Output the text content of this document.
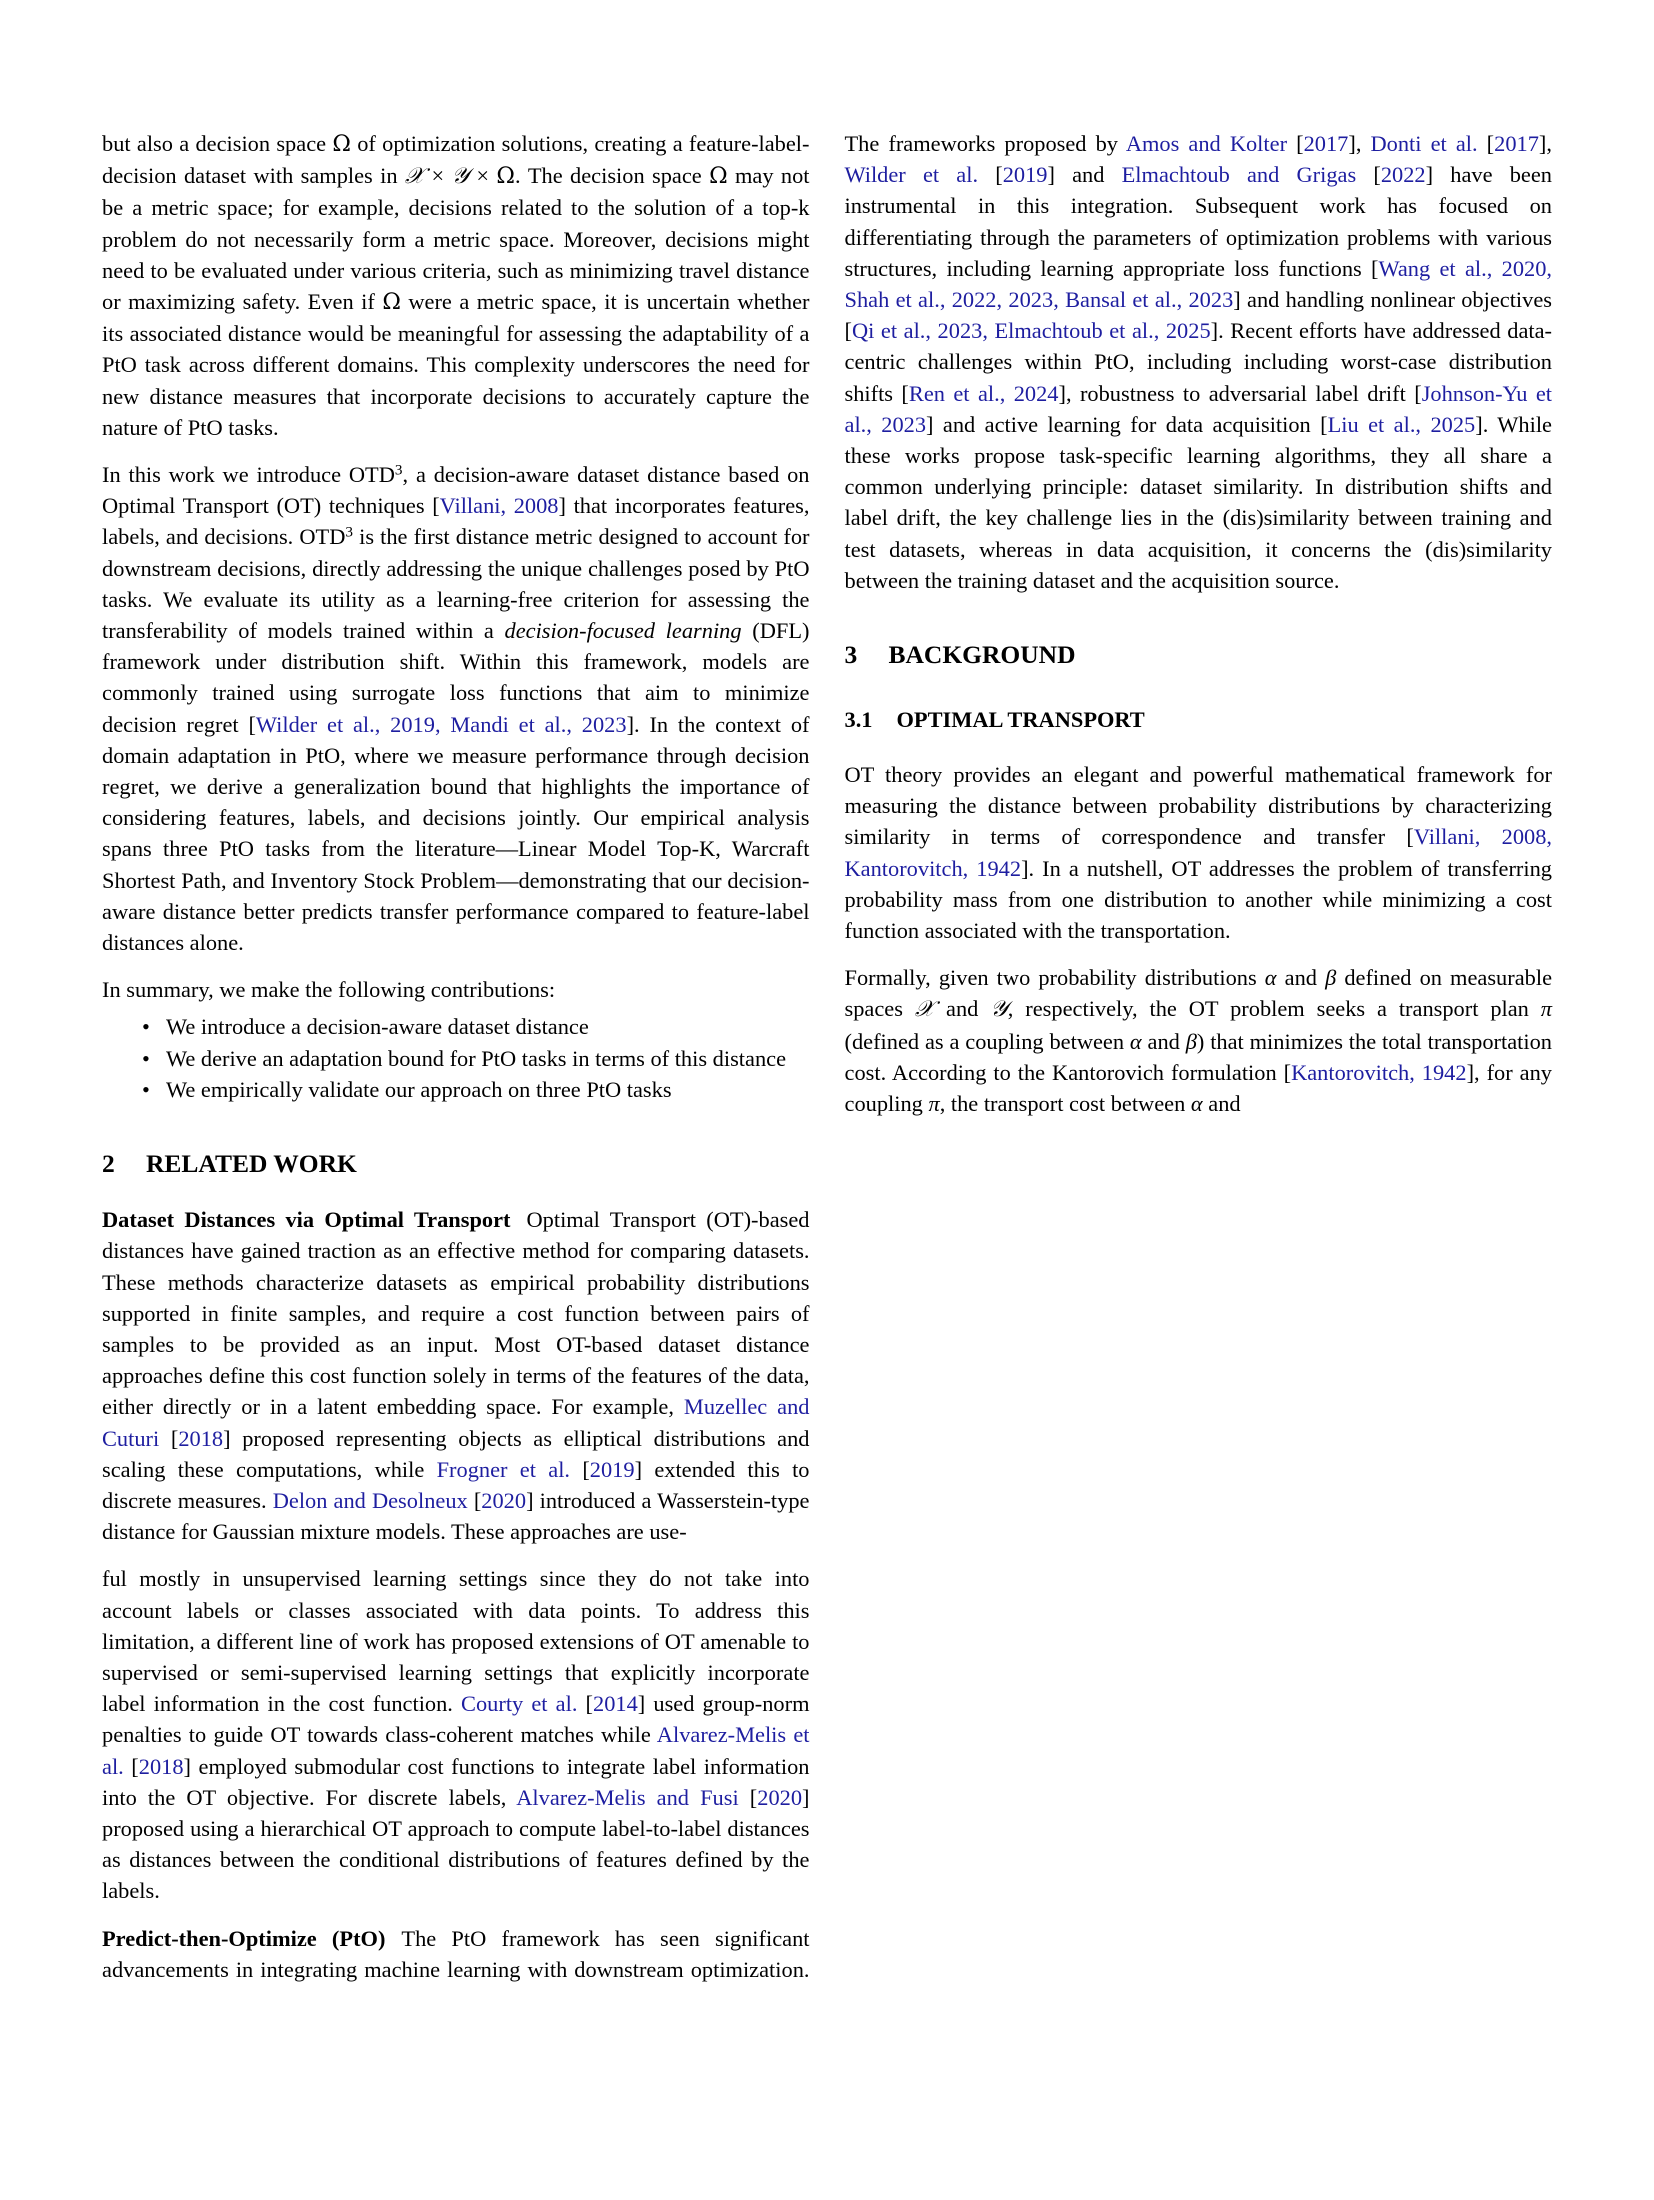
but also a decision space Ω of optimization solutions, creating a feature-label-decision dataset with samples in 𝒳 × 𝒴 × Ω. The decision space Ω may not be a metric space; for example, decisions related to the solution of a top-k problem do not necessarily form a metric space. Moreover, decisions might need to be evaluated under various criteria, such as minimizing travel distance or maximizing safety. Even if Ω were a metric space, it is uncertain whether its associated distance would be meaningful for assessing the adaptability of a PtO task across different domains. This complexity underscores the need for new distance measures that incorporate decisions to accurately capture the nature of PtO tasks.

In this work we introduce OTD$^3$, a decision-aware dataset distance based on Optimal Transport (OT) techniques [Villani, 2008] that incorporates features, labels, and decisions. OTD$^3$ is the first distance metric designed to account for downstream decisions, directly addressing the unique challenges posed by PtO tasks. We evaluate its utility as a learning-free criterion for assessing the transferability of models trained within a decision-focused learning (DFL) framework under distribution shift. Within this framework, models are commonly trained using surrogate loss functions that aim to minimize decision regret [Wilder et al., 2019, Mandi et al., 2023]. In the context of domain adaptation in PtO, where we measure performance through decision regret, we derive a generalization bound that highlights the importance of considering features, labels, and decisions jointly. Our empirical analysis spans three PtO tasks from the literature—Linear Model Top-K, Warcraft Shortest Path, and Inventory Stock Problem—demonstrating that our decision-aware distance better predicts transfer performance compared to feature-label distances alone.

In summary, we make the following contributions:

• We introduce a decision-aware dataset distance
• We derive an adaptation bound for PtO tasks in terms of this distance
• We empirically validate our approach on three PtO tasks
2 RELATED WORK

Dataset Distances via Optimal Transport Optimal Transport (OT)-based distances have gained traction as an effective method for comparing datasets. These methods characterize datasets as empirical probability distributions supported in finite samples, and require a cost function between pairs of samples to be provided as an input. Most OT-based dataset distance approaches define this cost function solely in terms of the features of the data, either directly or in a latent embedding space. For example, Muzellec and Cuturi [2018] proposed representing objects as elliptical distributions and scaling these computations, while Frogner et al. [2019] extended this to discrete measures. Delon and Desolneux [2020] introduced a Wasserstein-type distance for Gaussian mixture models. These approaches are use-

ful mostly in unsupervised learning settings since they do not take into account labels or classes associated with data points. To address this limitation, a different line of work has proposed extensions of OT amenable to supervised or semi-supervised learning settings that explicitly incorporate label information in the cost function. Courty et al. [2014] used group-norm penalties to guide OT towards class-coherent matches while Alvarez-Melis et al. [2018] employed submodular cost functions to integrate label information into the OT objective. For discrete labels, Alvarez-Melis and Fusi [2020] proposed using a hierarchical OT approach to compute label-to-label distances as distances between the conditional distributions of features defined by the labels.

Predict-then-Optimize (PtO) The PtO framework has seen significant advancements in integrating machine learning with downstream optimization. The frameworks proposed by Amos and Kolter [2017], Donti et al. [2017], Wilder et al. [2019] and Elmachtoub and Grigas [2022] have been instrumental in this integration. Subsequent work has focused on differentiating through the parameters of optimization problems with various structures, including learning appropriate loss functions [Wang et al., 2020, Shah et al., 2022, 2023, Bansal et al., 2023] and handling nonlinear objectives [Qi et al., 2023, Elmachtoub et al., 2025]. Recent efforts have addressed data-centric challenges within PtO, including including worst-case distribution shifts [Ren et al., 2024], robustness to adversarial label drift [Johnson-Yu et al., 2023] and active learning for data acquisition [Liu et al., 2025]. While these works propose task-specific learning algorithms, they all share a common underlying principle: dataset similarity. In distribution shifts and label drift, the key challenge lies in the (dis)similarity between training and test datasets, whereas in data acquisition, it concerns the (dis)similarity between the training dataset and the acquisition source.

3 BACKGROUND
3.1 OPTIMAL TRANSPORT

OT theory provides an elegant and powerful mathematical framework for measuring the distance between probability distributions by characterizing similarity in terms of correspondence and transfer [Villani, 2008, Kantorovitch, 1942]. In a nutshell, OT addresses the problem of transferring probability mass from one distribution to another while minimizing a cost function associated with the transportation.

Formally, given two probability distributions α and β defined on measurable spaces 𝒳 and 𝒴, respectively, the OT problem seeks a transport plan π (defined as a coupling between α and β) that minimizes the total transportation cost. According to the Kantorovich formulation [Kantorovitch, 1942], for any coupling π, the transport cost between α and
